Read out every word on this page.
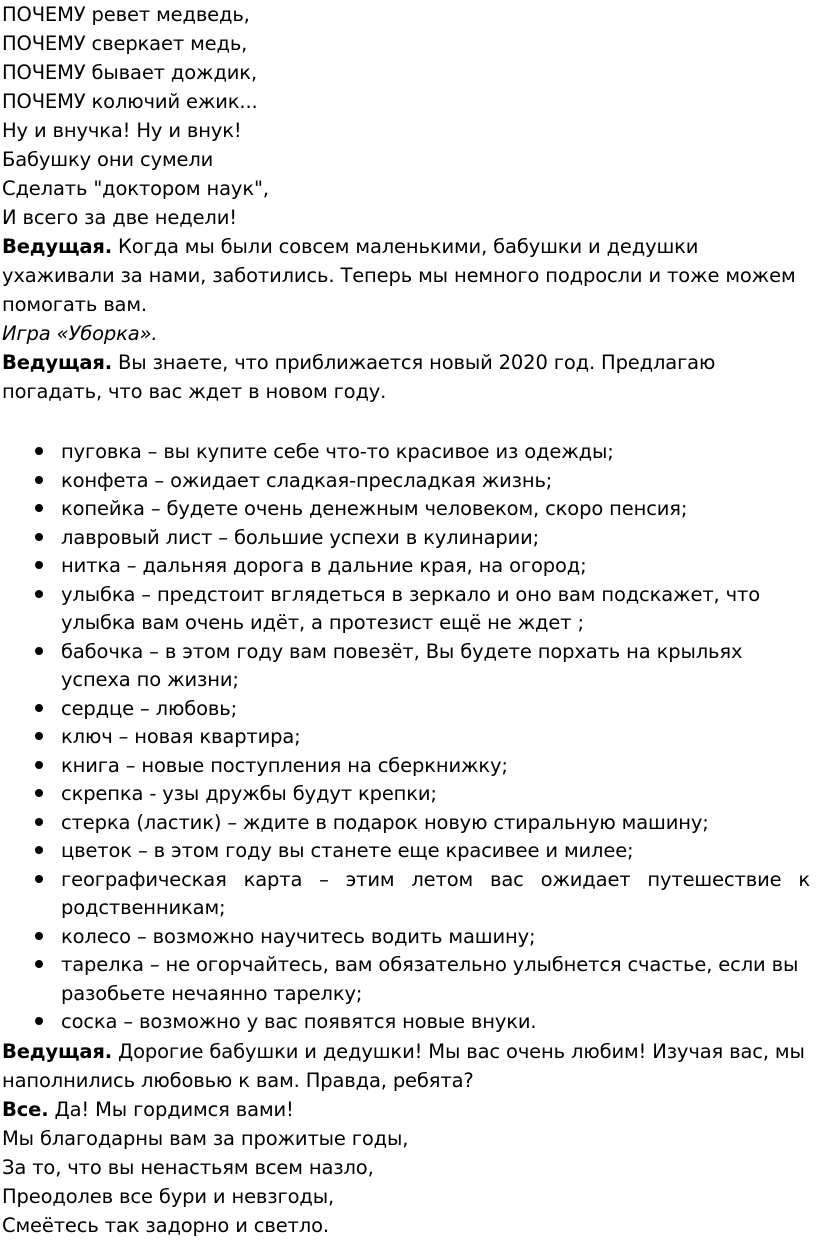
ПОЧЕМУ ревет медведь,
ПОЧЕМУ сверкает медь,
ПОЧЕМУ бывает дождик,
ПОЧЕМУ колючий ежик...
Ну и внучка! Ну и внук!
Бабушку они сумели
Сделать "доктором наук",
И всего за две недели!

Ведущая. Когда мы были совсем маленькими, бабушки и дедушки ухаживали за нами, заботились. Теперь мы немного подросли и тоже можем помогать вам.

Игра «Уборка».

Ведущая. Вы знаете, что приближается новый 2020 год. Предлагаю погадать, что вас ждет в новом году.

пуговка – вы купите себе что-то красивое из одежды;
конфета – ожидает сладкая-пресладкая жизнь;
копейка – будете очень денежным человеком, скоро пенсия;
лавровый лист – большие успехи в кулинарии;
нитка – дальняя дорога в дальние края, на огород;
улыбка – предстоит вглядеться в зеркало и оно вам подскажет, что улыбка вам очень идёт, а протезист ещё не ждет ;
бабочка – в этом году вам повезёт, Вы будете порхать на крыльях успеха по жизни;
сердце – любовь;
ключ – новая квартира;
книга – новые поступления на сберкнижку;
скрепка - узы дружбы будут крепки;
стерка (ластик) – ждите в подарок новую стиральную машину;
цветок – в этом году вы станете еще красивее и милее;
географическая карта – этим летом вас ожидает путешествие к родственникам;
колесо – возможно научитесь водить машину;
тарелка – не огорчайтесь, вам обязательно улыбнется счастье, если вы разобьете нечаянно тарелку;
соска – возможно у вас появятся новые внуки.

Ведущая. Дорогие бабушки и дедушки! Мы вас очень любим! Изучая вас, мы наполнились любовью к вам. Правда, ребята?

Все. Да! Мы гордимся вами!

Мы благодарны вам за прожитые годы,
За то, что вы ненастьям всем назло,
Преодолев все бури и невзгоды,
Смеётесь так задорно и светло.
